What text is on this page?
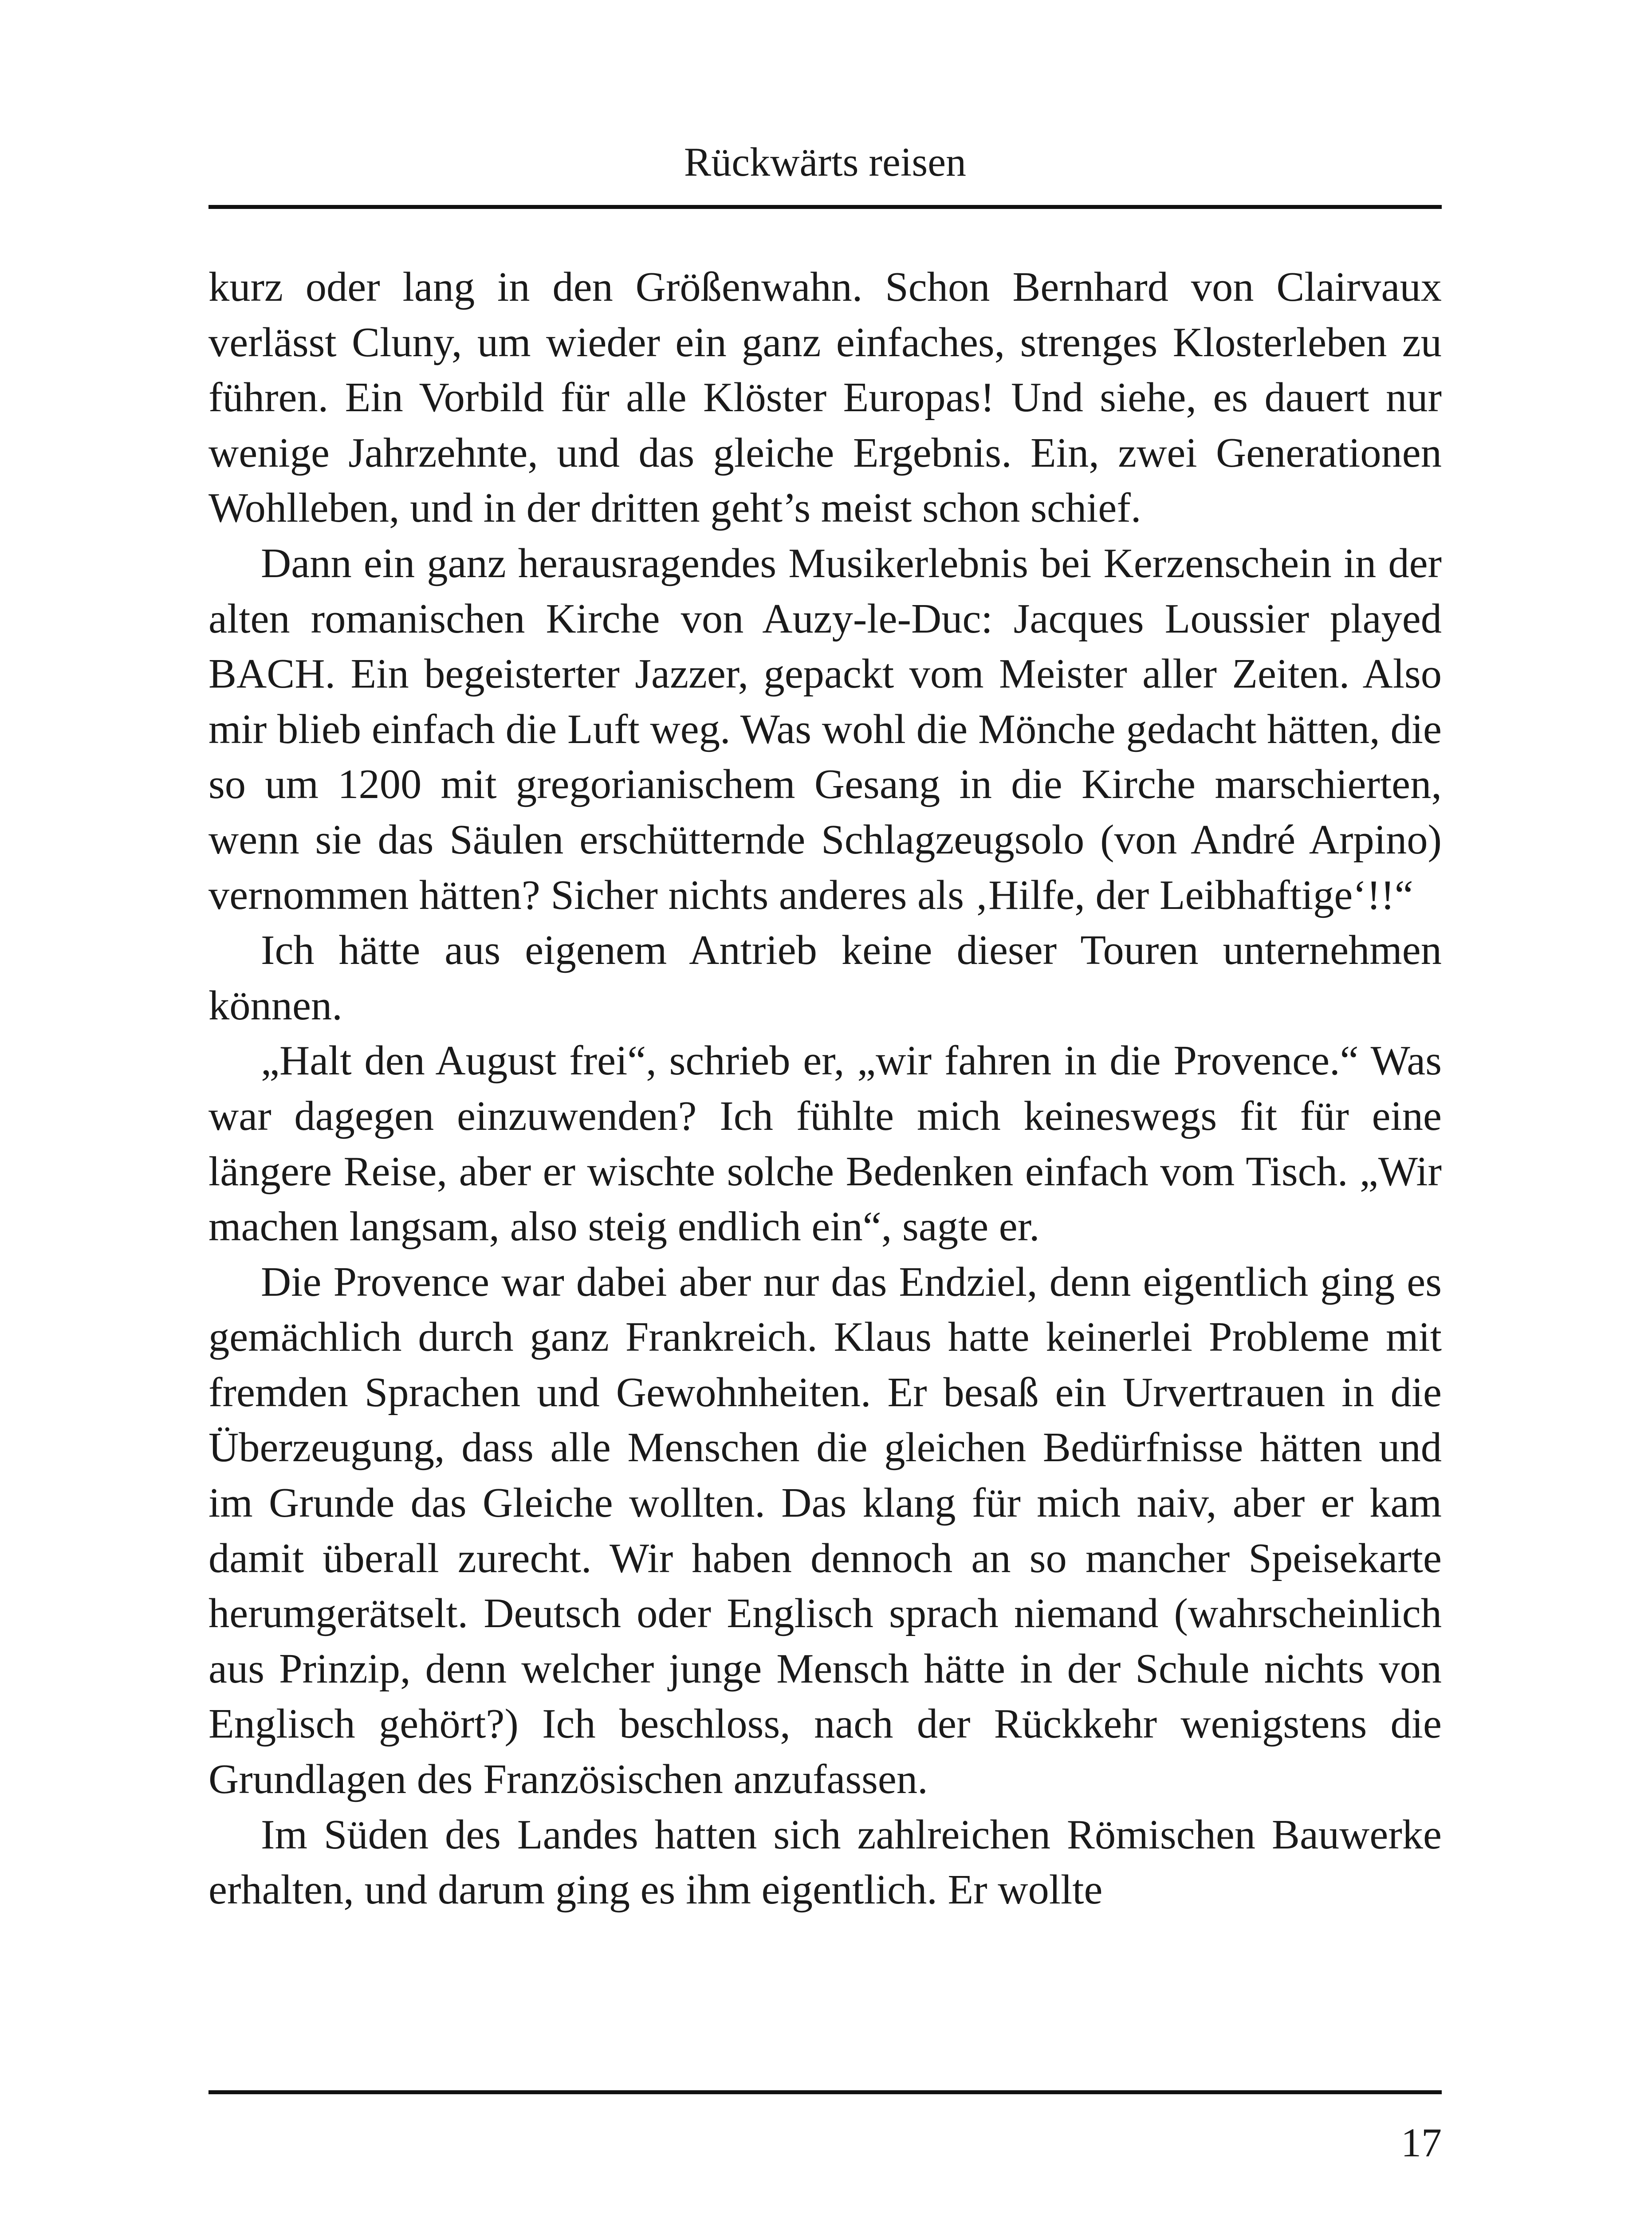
Rückwärts reisen

kurz oder lang in den Größenwahn. Schon Bernhard von Clairvaux verlässt Cluny, um wieder ein ganz einfaches, strenges Klosterleben zu führen. Ein Vorbild für alle Klöster Europas! Und siehe, es dauert nur wenige Jahrzehnte, und das gleiche Ergebnis. Ein, zwei Generationen Wohlleben, und in der dritten geht’s meist schon schief.

Dann ein ganz herausragendes Musikerlebnis bei Kerzenschein in der alten romanischen Kirche von Auzy-le-Duc: Jacques Loussier played BACH. Ein begeisterter Jazzer, gepackt vom Meister aller Zeiten. Also mir blieb einfach die Luft weg. Was wohl die Mönche gedacht hätten, die so um 1200 mit gregorianischem Gesang in die Kirche marschierten, wenn sie das Säulen erschütternde Schlagzeugsolo (von André Arpino) vernommen hätten? Sicher nichts anderes als ‚Hilfe, der Leibhaftige‘!!“

Ich hätte aus eigenem Antrieb keine dieser Touren unternehmen können.

„Halt den August frei“, schrieb er, „wir fahren in die Provence.“ Was war dagegen einzuwenden? Ich fühlte mich keineswegs fit für eine längere Reise, aber er wischte solche Bedenken einfach vom Tisch. „Wir machen langsam, also steig endlich ein“, sagte er.

Die Provence war dabei aber nur das Endziel, denn eigentlich ging es gemächlich durch ganz Frankreich. Klaus hatte keinerlei Probleme mit fremden Sprachen und Gewohnheiten. Er besaß ein Urvertrauen in die Überzeugung, dass alle Menschen die gleichen Bedürfnisse hätten und im Grunde das Gleiche wollten. Das klang für mich naiv, aber er kam damit überall zurecht. Wir haben dennoch an so mancher Speisekarte herumgerätselt. Deutsch oder Englisch sprach niemand (wahrscheinlich aus Prinzip, denn welcher junge Mensch hätte in der Schule nichts von Englisch gehört?) Ich beschloss, nach der Rückkehr wenigstens die Grundlagen des Französischen anzufassen.

Im Süden des Landes hatten sich zahlreichen Römischen Bauwerke erhalten, und darum ging es ihm eigentlich. Er wollte

17
